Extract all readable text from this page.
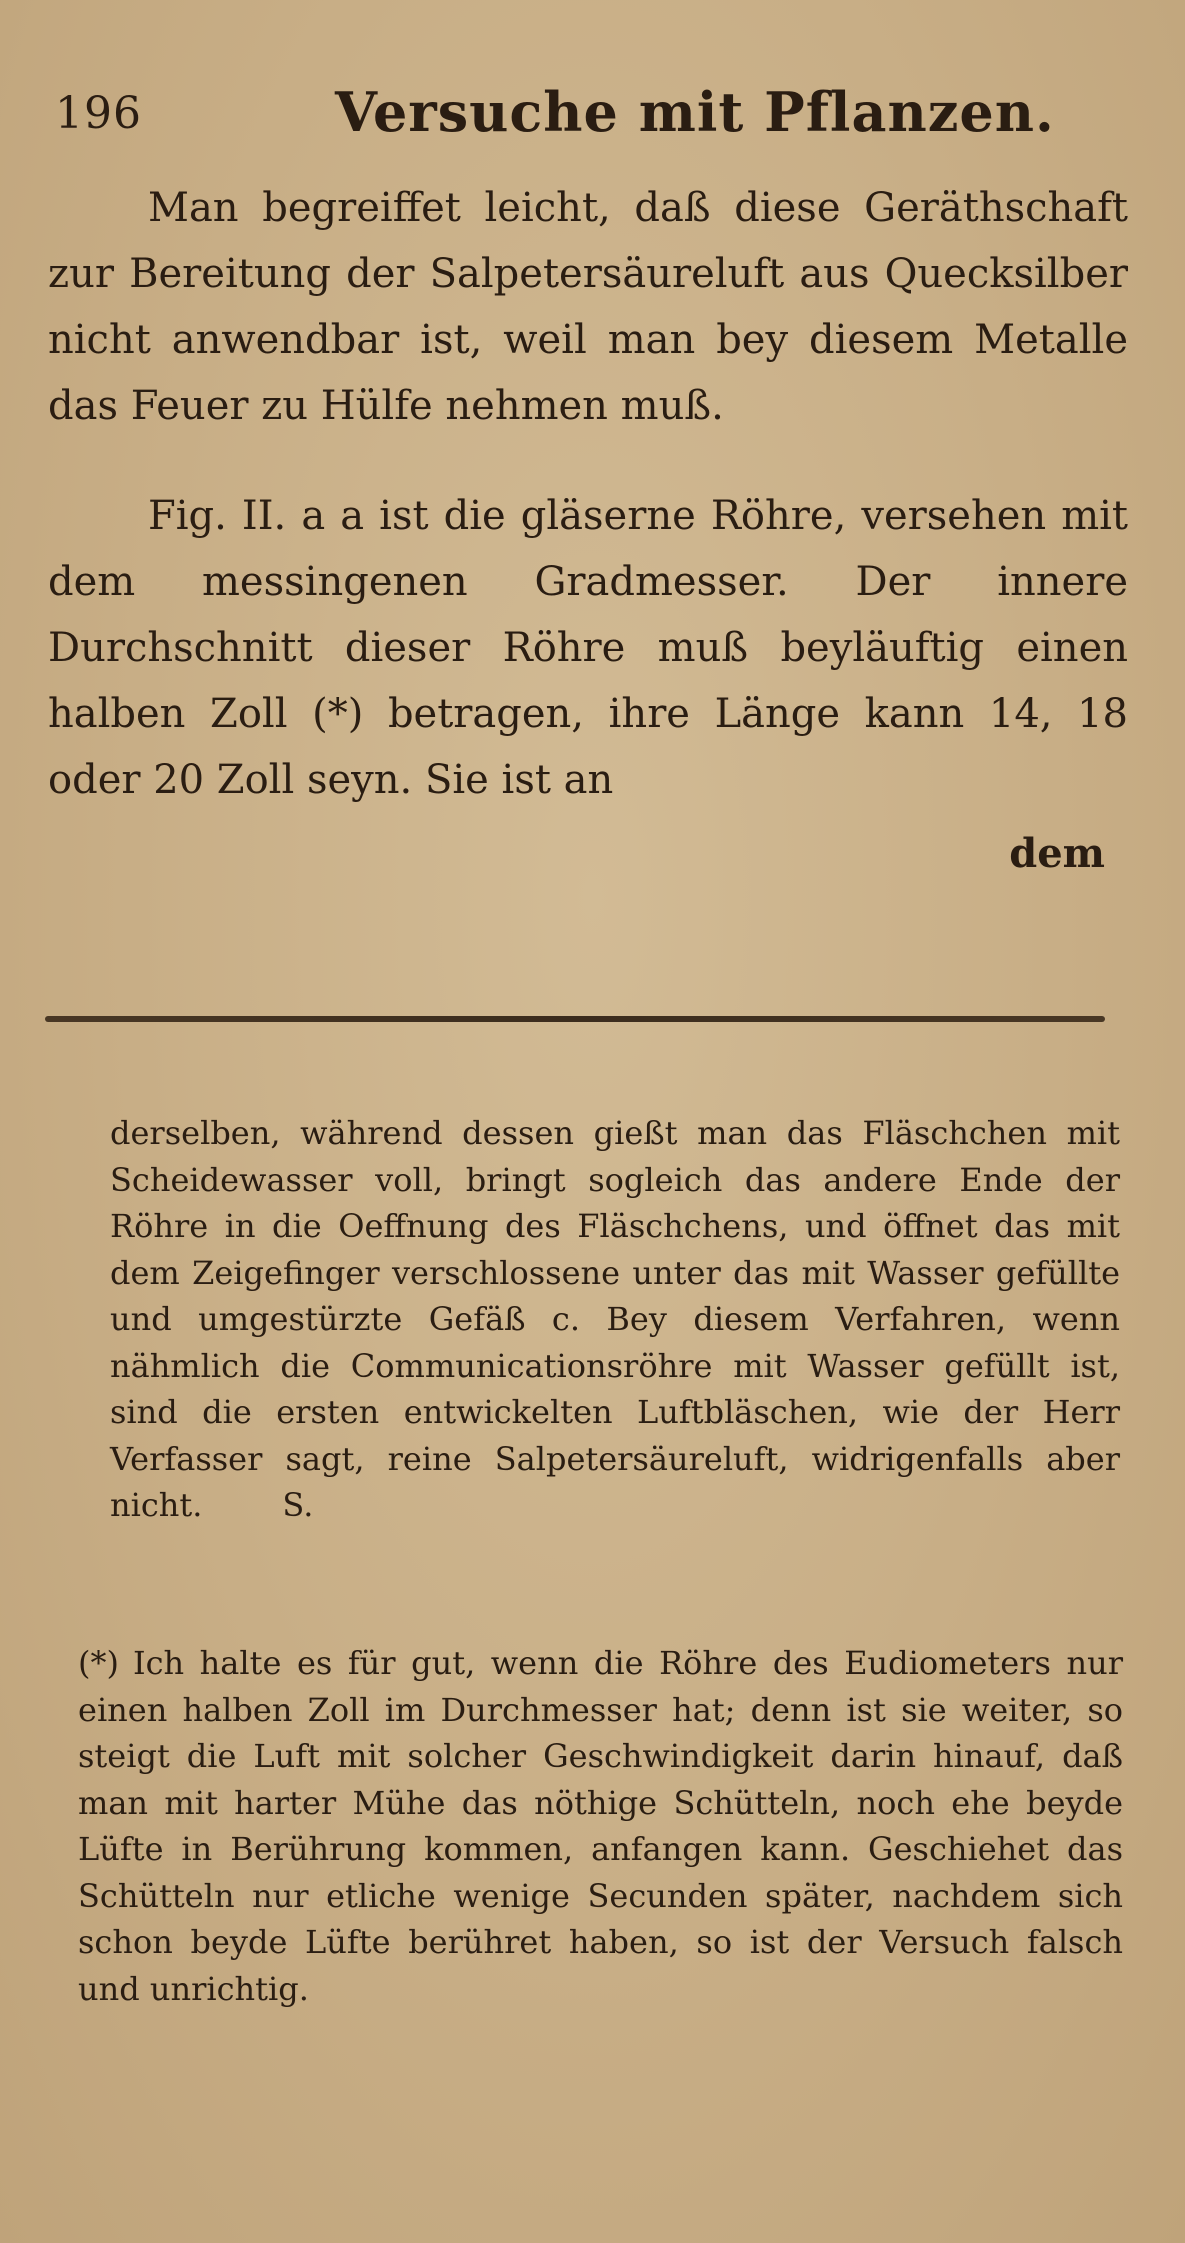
196	Versuche mit Pflanzen.

Man begreiffet leicht, daß diese Geräthschaft zur Bereitung der Salpetersäureluft aus Quecksilber nicht anwendbar ist, weil man bey diesem Metalle das Feuer zu Hülfe nehmen muß.

Fig. II. a a ist die gläserne Röhre, versehen mit dem messingenen Gradmesser. Der innere Durchschnitt dieser Röhre muß beyläuftig einen halben Zoll (*) betragen, ihre Länge kann 14, 18 oder 20 Zoll seyn. Sie ist an

dem

derselben, während dessen gießt man das Fläschchen mit Scheidewasser voll, bringt sogleich das andere Ende der Röhre in die Oeffnung des Fläschchens, und öffnet das mit dem Zeigefinger verschlossene unter das mit Wasser gefüllte und umgestürzte Gefäß c. Bey diesem Verfahren, wenn nähmlich die Communicationsröhre mit Wasser gefüllt ist, sind die ersten entwickelten Luftbläschen, wie der Herr Verfasser sagt, reine Salpetersäureluft, widrigenfalls aber nicht.	S.

(*) Ich halte es für gut, wenn die Röhre des Eudiometers nur einen halben Zoll im Durchmesser hat; denn ist sie weiter, so steigt die Luft mit solcher Geschwindigkeit darin hinauf, daß man mit harter Mühe das nöthige Schütteln, noch ehe beyde Lüfte in Berührung kommen, anfangen kann. Geschiehet das Schütteln nur etliche wenige Secunden später, nachdem sich schon beyde Lüfte berühret haben, so ist der Versuch falsch und unrichtig.
